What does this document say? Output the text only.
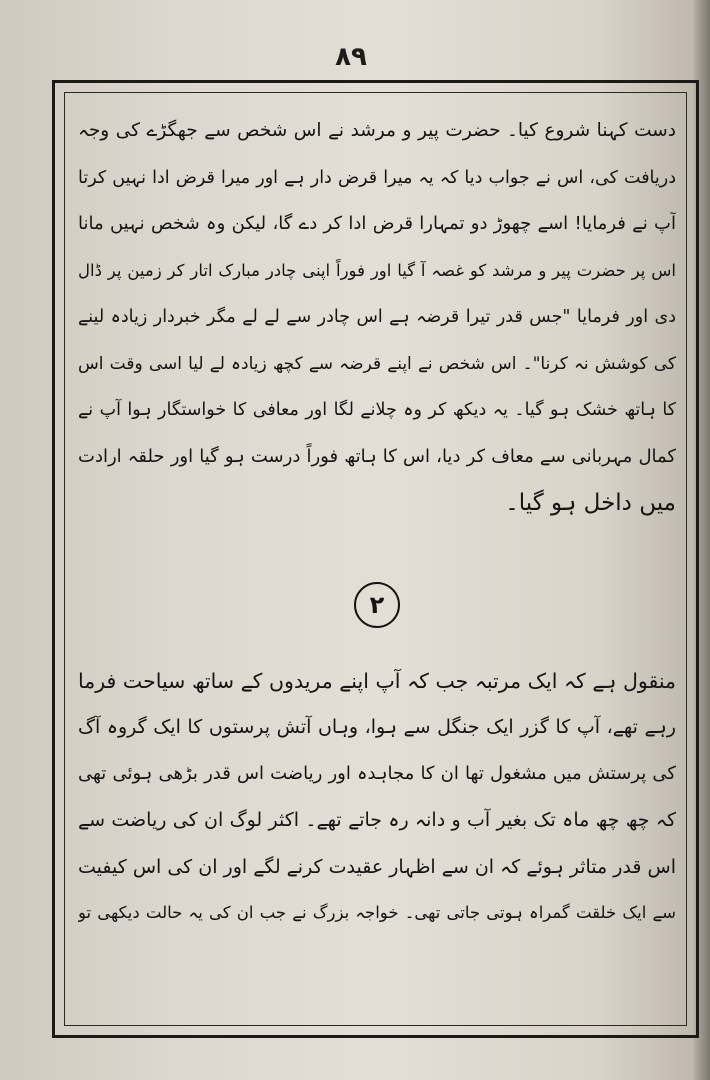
٨٩
دست کہنا شروع کیا۔ حضرت پیر و مرشد نے اس شخص سے جھگڑے کی وجہ
دریافت کی، اس نے جواب دیا کہ یہ میرا قرض دار ہے اور میرا قرض ادا نہیں کرتا
آپ نے فرمایا! اسے چھوڑ دو تمہارا قرض ادا کر دے گا، لیکن وہ شخص نہیں مانا
اس پر حضرت پیر و مرشد کو غصہ آ گیا اور فوراً اپنی چادر مبارک اتار کر زمین پر ڈال
دی اور فرمایا "جس قدر تیرا قرضہ ہے اس چادر سے لے لے مگر خبردار زیادہ لینے
کی کوشش نہ کرنا"۔ اس شخص نے اپنے قرضہ سے کچھ زیادہ لے لیا اسی وقت اس
کا ہاتھ خشک ہو گیا۔ یہ دیکھ کر وہ چلانے لگا اور معافی کا خواستگار ہوا آپ نے
کمال مہربانی سے معاف کر دیا، اس کا ہاتھ فوراً درست ہو گیا اور حلقہ ارادت
میں داخل ہو گیا۔
٢
منقول ہے کہ ایک مرتبہ جب کہ آپ اپنے مریدوں کے ساتھ سیاحت فرما
رہے تھے، آپ کا گزر ایک جنگل سے ہوا، وہاں آتش پرستوں کا ایک گروہ آگ
کی پرستش میں مشغول تھا ان کا مجاہدہ اور ریاضت اس قدر بڑھی ہوئی تھی
کہ چھ چھ ماہ تک بغیر آب و دانہ رہ جاتے تھے۔ اکثر لوگ ان کی ریاضت سے
اس قدر متاثر ہوئے کہ ان سے اظہار عقیدت کرنے لگے اور ان کی اس کیفیت
سے ایک خلقت گمراہ ہوتی جاتی تھی۔ خواجہ بزرگ نے جب ان کی یہ حالت دیکھی تو
